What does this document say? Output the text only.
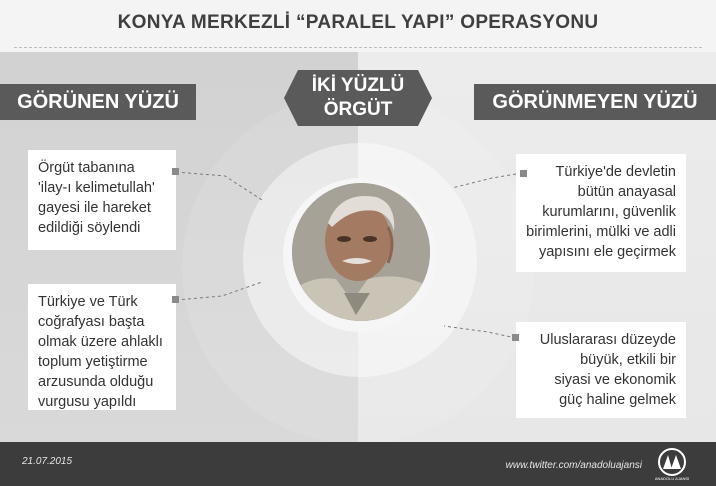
KONYA MERKEZLİ “PARALEL YAPI” OPERASYONU
GÖRÜNEN YÜZÜ	GÖRÜNMEYEN YÜZÜ
İKİ YÜZLÜ
ÖRGÜT
Örgüt tabanına
'ilay-ı kelimetullah'
gayesi ile hareket
edildiği söylendi
Türkiye ve Türk
coğrafyası başta
olmak üzere ahlaklı
toplum yetiştirme
arzusunda olduğu
vurgusu yapıldı
Türkiye'de devletin
bütün anayasal
kurumlarını, güvenlik
birimlerini, mülki ve adli
yapısını ele geçirmek
Uluslararası düzeyde
büyük, etkili bir
siyasi ve ekonomik
güç haline gelmek
21.07.2015	www.twitter.com/anadoluajansi
ANADOLU AJANSI
